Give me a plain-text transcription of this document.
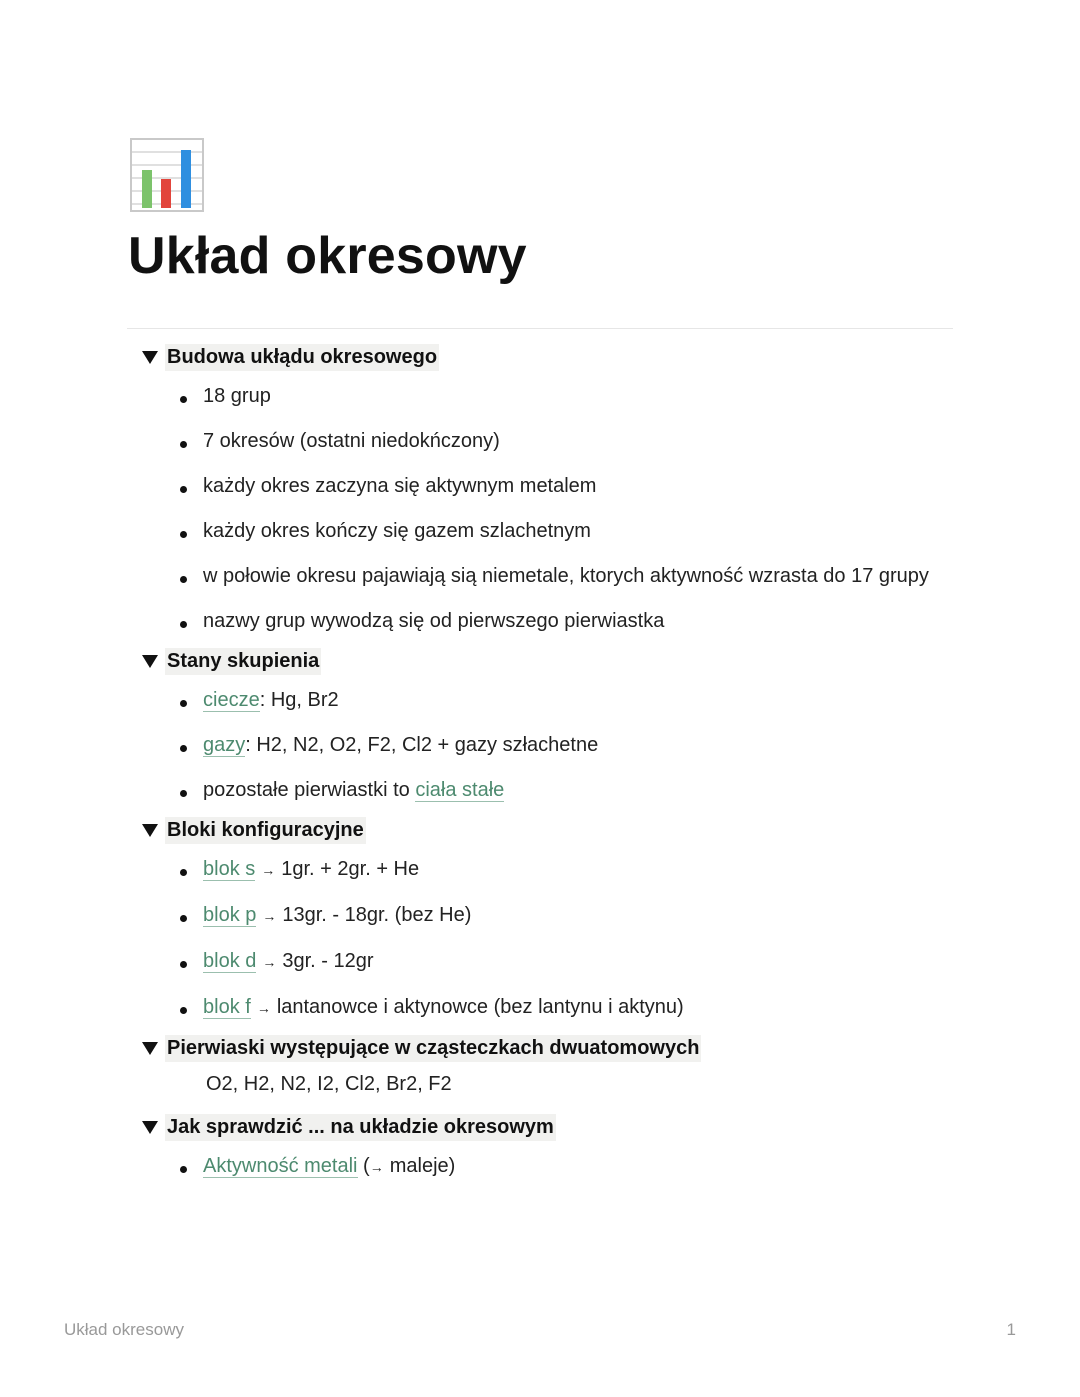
Układ okresowy
Budowa ukłądu okresowego
18 grup
7 okresów (ostatni niedokńczony)
każdy okres zaczyna się aktywnym metalem
każdy okres kończy się gazem szlachetnym
w połowie okresu pajawiają sią niemetale, ktorych aktywność wzrasta do 17 grupy
nazwy grup wywodzą się od pierwszego pierwiastka
Stany skupienia
ciecze: Hg, Br2
gazy: H2, N2, O2, F2, Cl2 + gazy szłachetne
pozostałe pierwiastki to ciała stałe
Bloki konfiguracyjne
blok s → 1gr. + 2gr. + He
blok p → 13gr. - 18gr. (bez He)
blok d → 3gr. - 12gr
blok f → lantanowce i aktynowce (bez lantynu i aktynu)
Pierwiaski występujące w cząsteczkach dwuatomowych
O2, H2, N2, I2, Cl2, Br2, F2
Jak sprawdzić ... na układzie okresowym
Aktywność metali (→ maleje)
Układ okresowy	1
